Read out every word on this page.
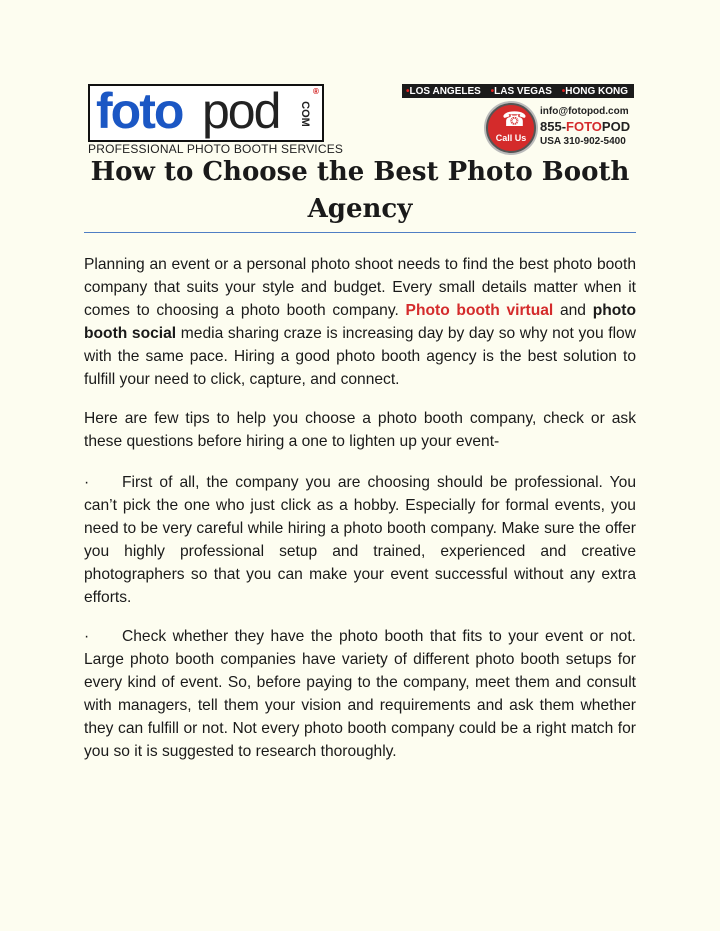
foto pod COM
®
PROFESSIONAL PHOTO BOOTH SERVICES
•LOS ANGELES •LAS VEGAS •HONG KONG
☎
Call Us
info@fotopod.com
855-FOTOPOD
USA 310-902-5400
How to Choose the Best Photo Booth Agency

Planning an event or a personal photo shoot needs to find the best photo booth company that suits your style and budget. Every small details matter when it comes to choosing a photo booth company. Photo booth virtual and photo booth social media sharing craze is increasing day by day so why not you flow with the same pace. Hiring a good photo booth agency is the best solution to fulfill your need to click, capture, and connect.

Here are few tips to help you choose a photo booth company, check or ask these questions before hiring a one to lighten up your event-

· First of all, the company you are choosing should be professional. You can’t pick the one who just click as a hobby. Especially for formal events, you need to be very careful while hiring a photo booth company. Make sure the offer you highly professional setup and trained, experienced and creative photographers so that you can make your event successful without any extra efforts.

· Check whether they have the photo booth that fits to your event or not. Large photo booth companies have variety of different photo booth setups for every kind of event. So, before paying to the company, meet them and consult with managers, tell them your vision and requirements and ask them whether they can fulfill or not. Not every photo booth company could be a right match for you so it is suggested to research thoroughly.
